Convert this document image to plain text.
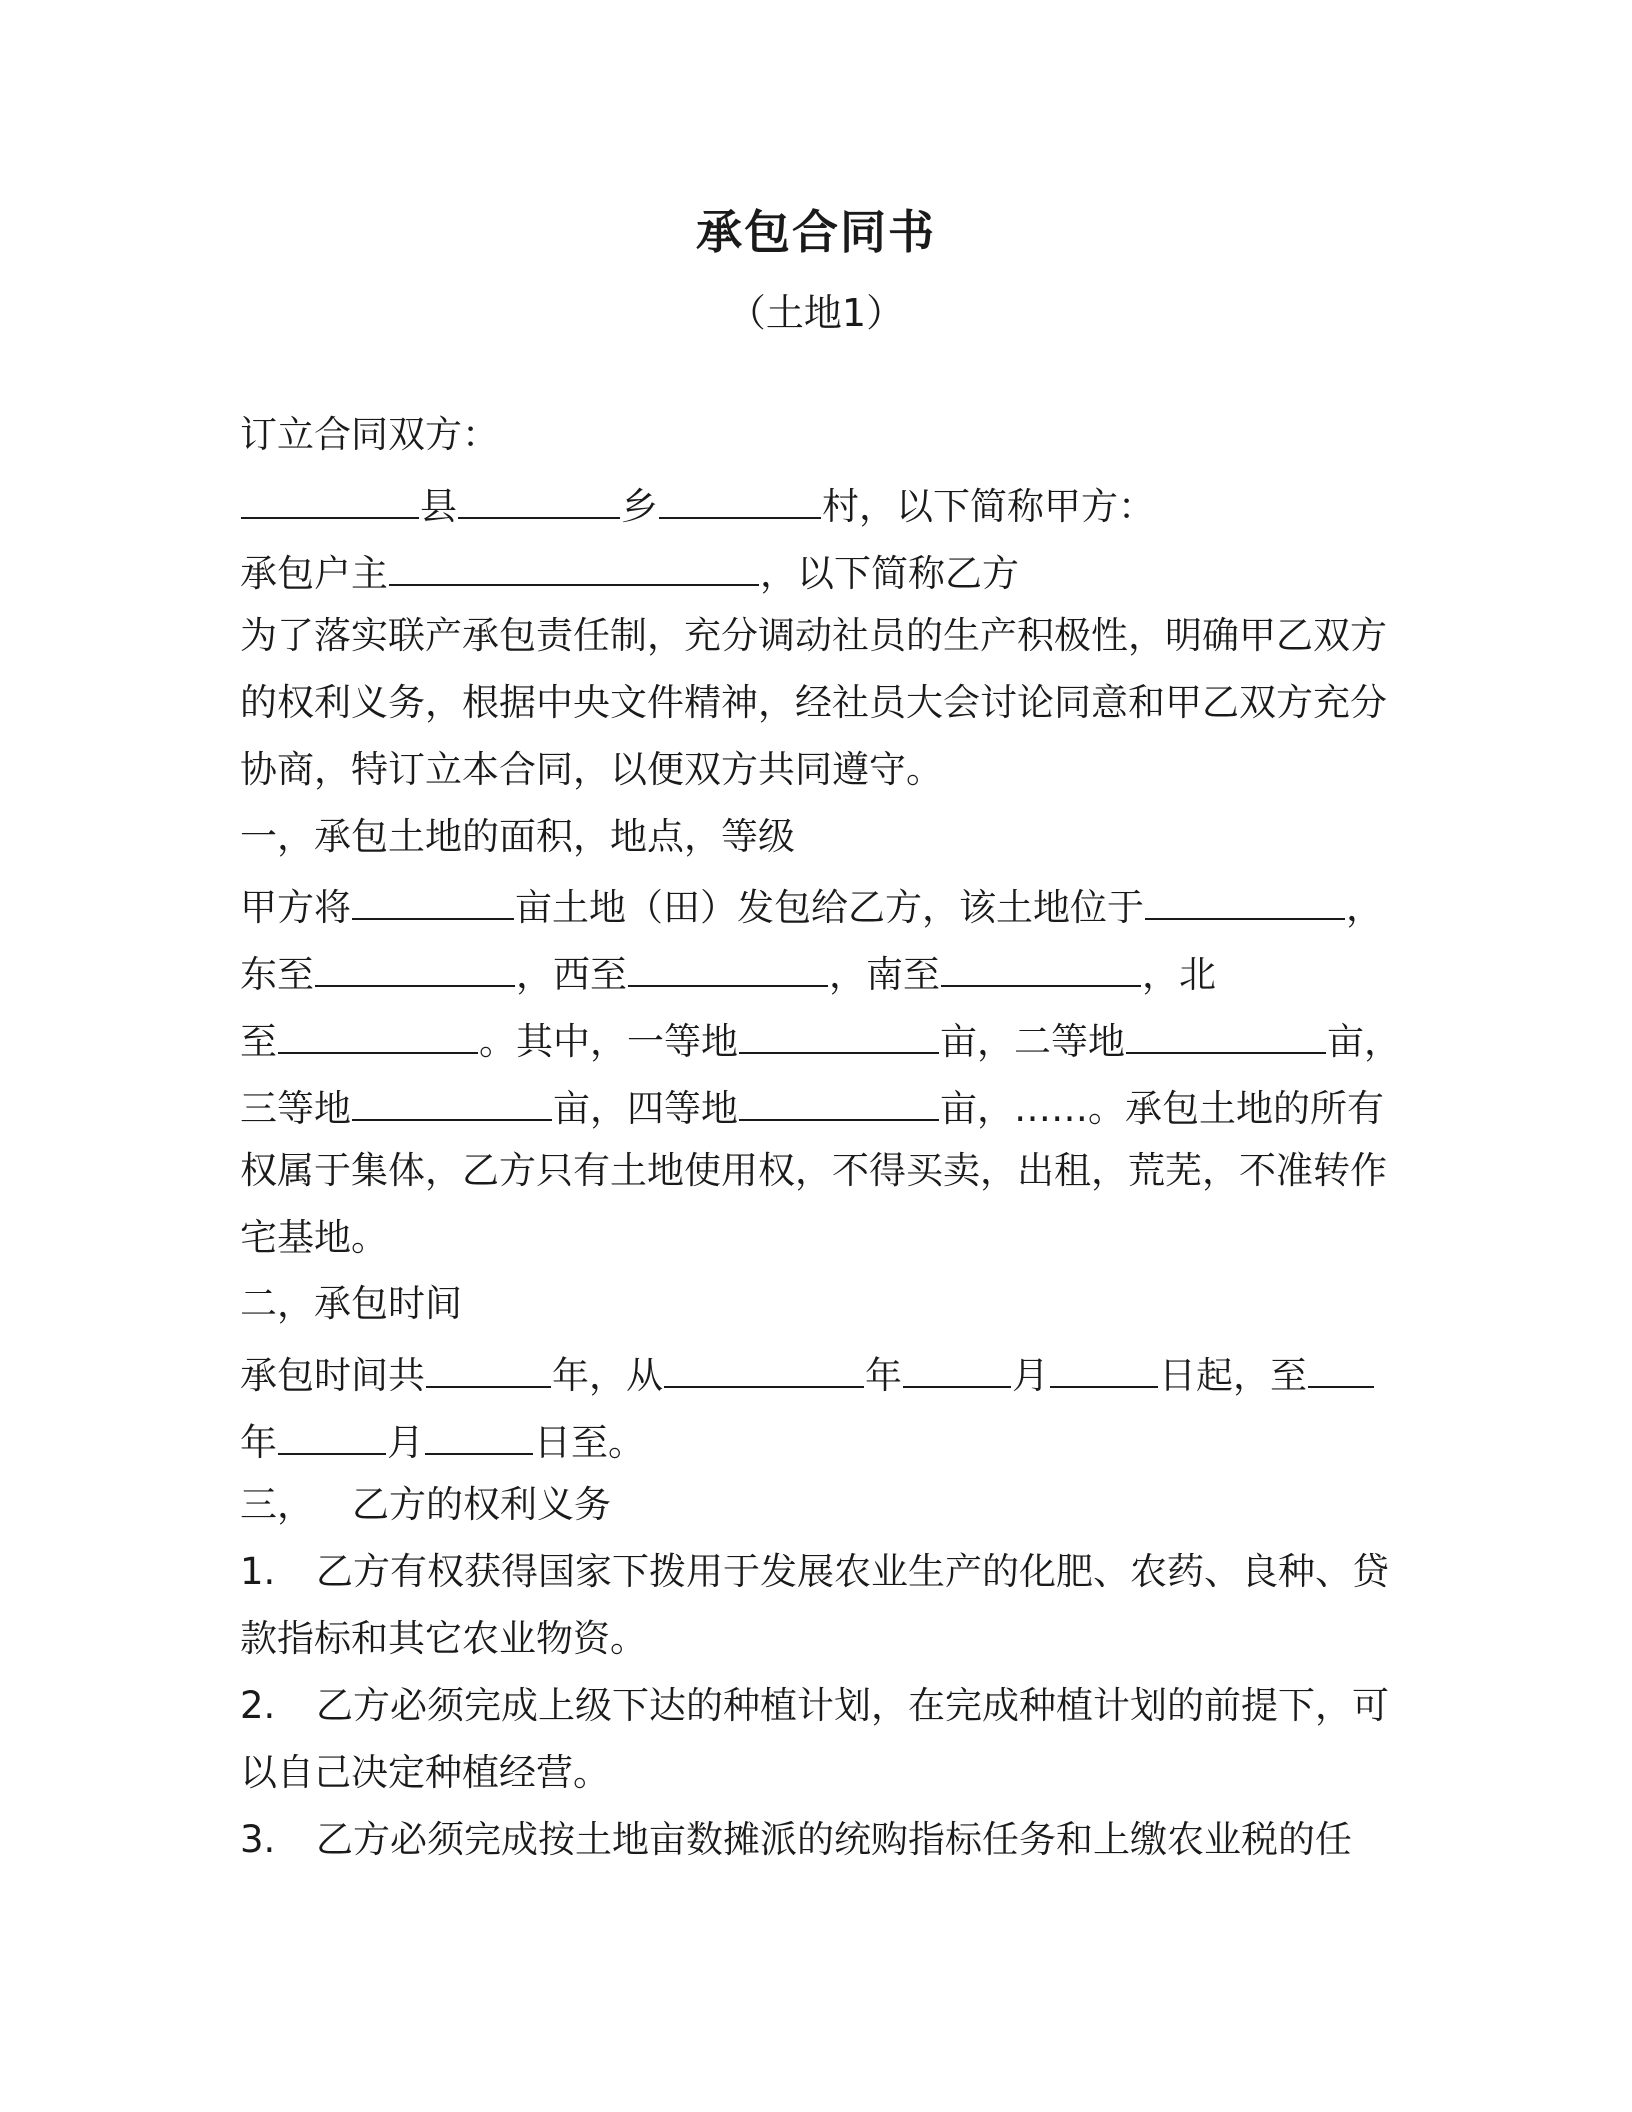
承包合同书
（土地1）
订立合同双方：
县	乡	村，以下简称甲方：
承包户主	，以下简称乙方
为了落实联产承包责任制，充分调动社员的生产积极性，明确甲乙双方
的权利义务，根据中央文件精神，经社员大会讨论同意和甲乙双方充分
协商，特订立本合同，以便双方共同遵守。
一，承包土地的面积，地点，等级
甲方将	亩土地（田）发包给乙方，该土地位于	，
东至	，西至	，南至	，北
至	。其中，一等地	亩，二等地	亩，
三等地	亩，四等地	亩，……。承包土地的所有
权属于集体，乙方只有土地使用权，不得买卖，出租，荒芜，不准转作
宅基地。
二，承包时间
承包时间共	年，从	年	月	日起，至
年	月	日至。
三， 乙方的权利义务
1. 乙方有权获得国家下拨用于发展农业生产的化肥、农药、良种、贷
款指标和其它农业物资。
2. 乙方必须完成上级下达的种植计划，在完成种植计划的前提下，可
以自己决定种植经营。
3. 乙方必须完成按土地亩数摊派的统购指标任务和上缴农业税的任
